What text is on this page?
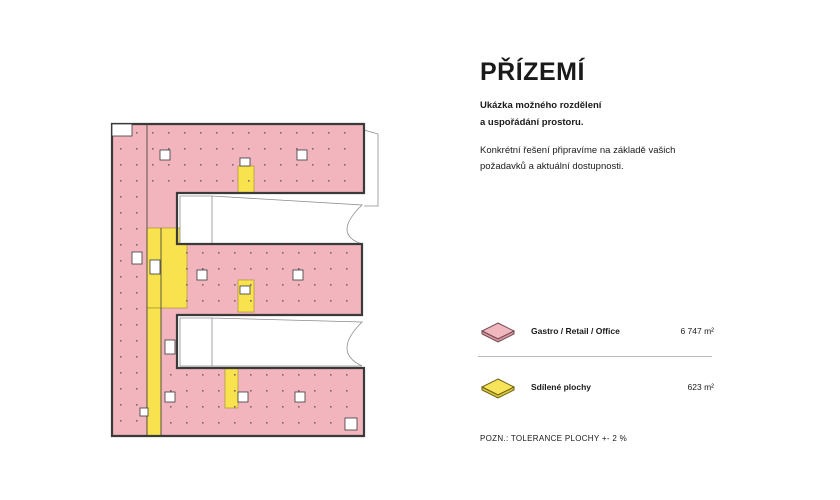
PŘÍZEMÍ
Ukázka možného rozdělení
a uspořádání prostoru.
Konkrétní řešení připravíme na základě vašich
požadavků a aktuální dostupnosti.
Gastro / Retail / Office	6 747 m²
Sdílené plochy	623 m²
POZN.: TOLERANCE PLOCHY +- 2 %
